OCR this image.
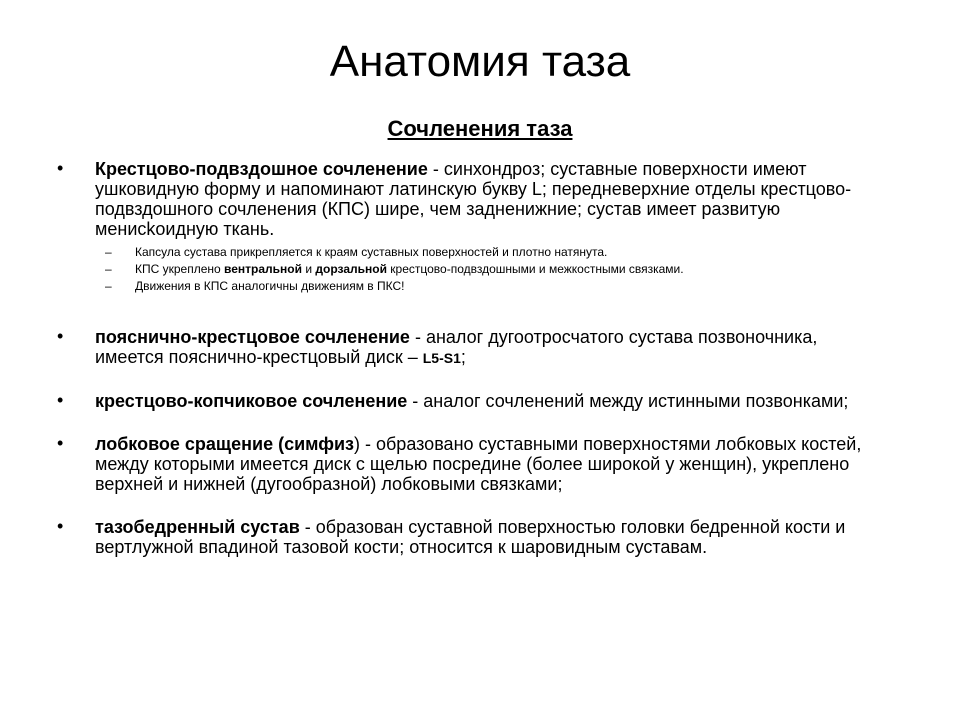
Анатомия таза
Сочленения таза
• Крестцово-подвздошное сочленение - синхондроз; суставные поверхности имеют ушковидную форму и напоминают латинскую букву L; передневерхние отделы крестцово-подвздошного сочленения (КПС) шире, чем задненижние; сустав имеет развитую менисkоидную ткань.
– Капсула сустава прикрепляется к краям суставных поверхностей и плотно натянута.
– КПС укреплено вентральной и дорзальной крестцово-подвздошными и межкостными связками.
– Движения в КПС аналогичны движениям в ПКС!
• пояснично-крестцовое сочленение - аналог дугоотросчатого сустава позвоночника, имеется пояснично-крестцовый диск – L5-S1;
• крестцово-копчиковое сочленение - аналог сочленений между истинными позвонками;
• лобковое сращение (симфиз) - образовано суставными поверхностями лобковых костей, между которыми имеется диск с щелью посредине (более широкой у женщин), укреплено верхней и нижней (дугообразной) лобковыми связками;
• тазобедренный сустав - образован суставной поверхностью головки бедренной кости и вертлужной впадиной тазовой кости; относится к шаровидным суставам.
